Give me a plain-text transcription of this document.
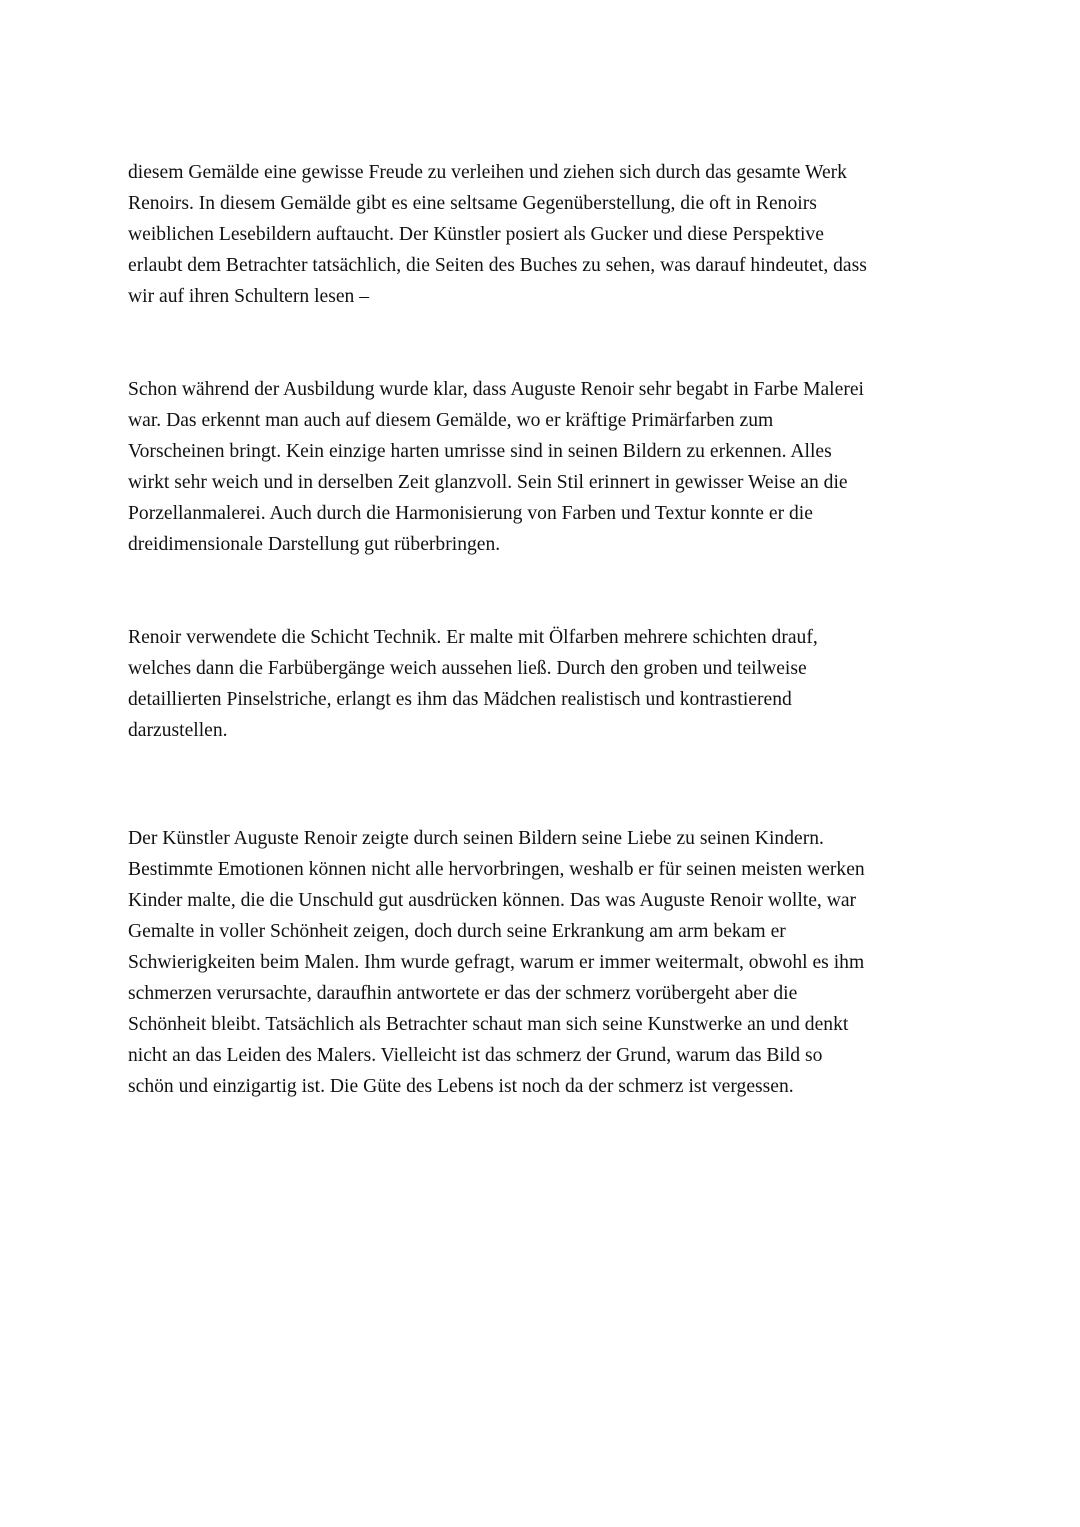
diesem Gemälde eine gewisse Freude zu verleihen und ziehen sich durch das gesamte Werk
Renoirs. In diesem Gemälde gibt es eine seltsame Gegenüberstellung, die oft in Renoirs
weiblichen Lesebildern auftaucht. Der Künstler posiert als Gucker und diese Perspektive
erlaubt dem Betrachter tatsächlich, die Seiten des Buches zu sehen, was darauf hindeutet, dass
wir auf ihren Schultern lesen –

Schon während der Ausbildung wurde klar, dass Auguste Renoir sehr begabt in Farbe Malerei
war. Das erkennt man auch auf diesem Gemälde, wo er kräftige Primärfarben zum
Vorscheinen bringt. Kein einzige harten umrisse sind in seinen Bildern zu erkennen. Alles
wirkt sehr weich und in derselben Zeit glanzvoll. Sein Stil erinnert in gewisser Weise an die
Porzellanmalerei. Auch durch die Harmonisierung von Farben und Textur konnte er die
dreidimensionale Darstellung gut rüberbringen.

Renoir verwendete die Schicht Technik. Er malte mit Ölfarben mehrere schichten drauf,
welches dann die Farbübergänge weich aussehen ließ. Durch den groben und teilweise
detaillierten Pinselstriche, erlangt es ihm das Mädchen realistisch und kontrastierend
darzustellen.

Der Künstler Auguste Renoir zeigte durch seinen Bildern seine Liebe zu seinen Kindern.
Bestimmte Emotionen können nicht alle hervorbringen, weshalb er für seinen meisten werken
Kinder malte, die die Unschuld gut ausdrücken können. Das was Auguste Renoir wollte, war
Gemalte in voller Schönheit zeigen, doch durch seine Erkrankung am arm bekam er
Schwierigkeiten beim Malen. Ihm wurde gefragt, warum er immer weitermalt, obwohl es ihm
schmerzen verursachte, daraufhin antwortete er das der schmerz vorübergeht aber die
Schönheit bleibt. Tatsächlich als Betrachter schaut man sich seine Kunstwerke an und denkt
nicht an das Leiden des Malers. Vielleicht ist das schmerz der Grund, warum das Bild so
schön und einzigartig ist. Die Güte des Lebens ist noch da der schmerz ist vergessen.
